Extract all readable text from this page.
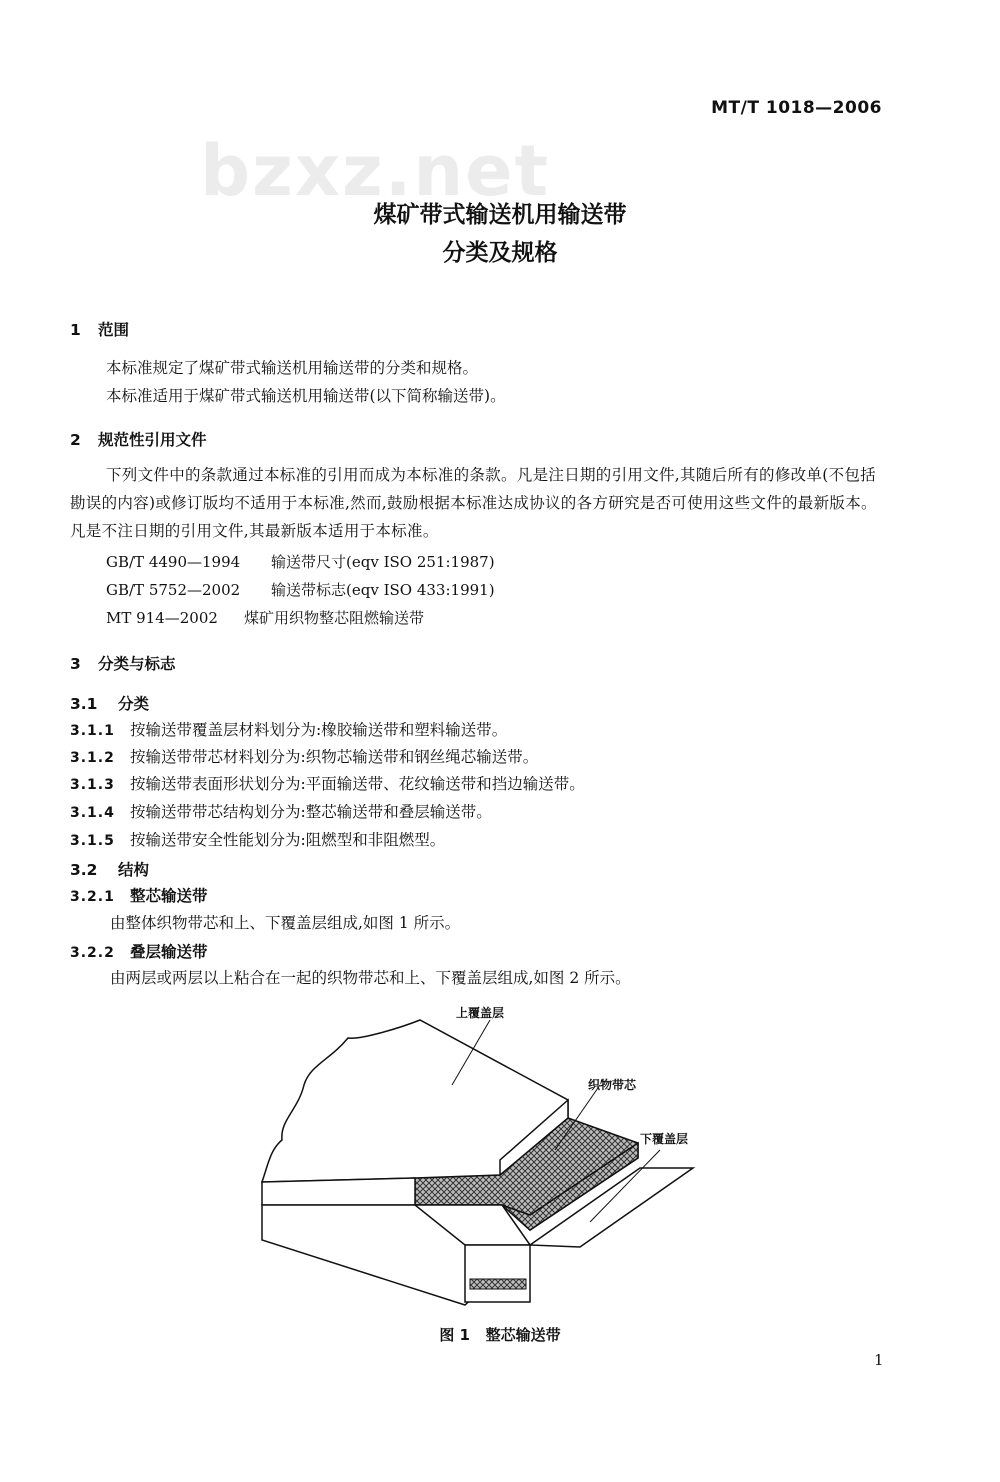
MT/T 1018—2006
bzxz.net
煤矿带式输送机用输送带
分类及规格
1 范围
本标准规定了煤矿带式输送机用输送带的分类和规格。
本标准适用于煤矿带式输送机用输送带(以下简称输送带)。
2 规范性引用文件
下列文件中的条款通过本标准的引用而成为本标准的条款。凡是注日期的引用文件,其随后所有的修改单(不包括勘误的内容)或修订版均不适用于本标准,然而,鼓励根据本标准达成协议的各方研究是否可使用这些文件的最新版本。凡是不注日期的引用文件,其最新版本适用于本标准。
GB/T 4490—1994 输送带尺寸(eqv ISO 251:1987)
GB/T 5752—2002 输送带标志(eqv ISO 433:1991)
MT 914—2002 煤矿用织物整芯阻燃输送带
3 分类与标志
3.1 分类
3.1.1 按输送带覆盖层材料划分为:橡胶输送带和塑料输送带。
3.1.2 按输送带带芯材料划分为:织物芯输送带和钢丝绳芯输送带。
3.1.3 按输送带表面形状划分为:平面输送带、花纹输送带和挡边输送带。
3.1.4 按输送带带芯结构划分为:整芯输送带和叠层输送带。
3.1.5 按输送带安全性能划分为:阻燃型和非阻燃型。
3.2 结构
3.2.1 整芯输送带
由整体织物带芯和上、下覆盖层组成,如图 1 所示。
3.2.2 叠层输送带
由两层或两层以上粘合在一起的织物带芯和上、下覆盖层组成,如图 2 所示。
上覆盖层
织物带芯
下覆盖层
图 1 整芯输送带
1
